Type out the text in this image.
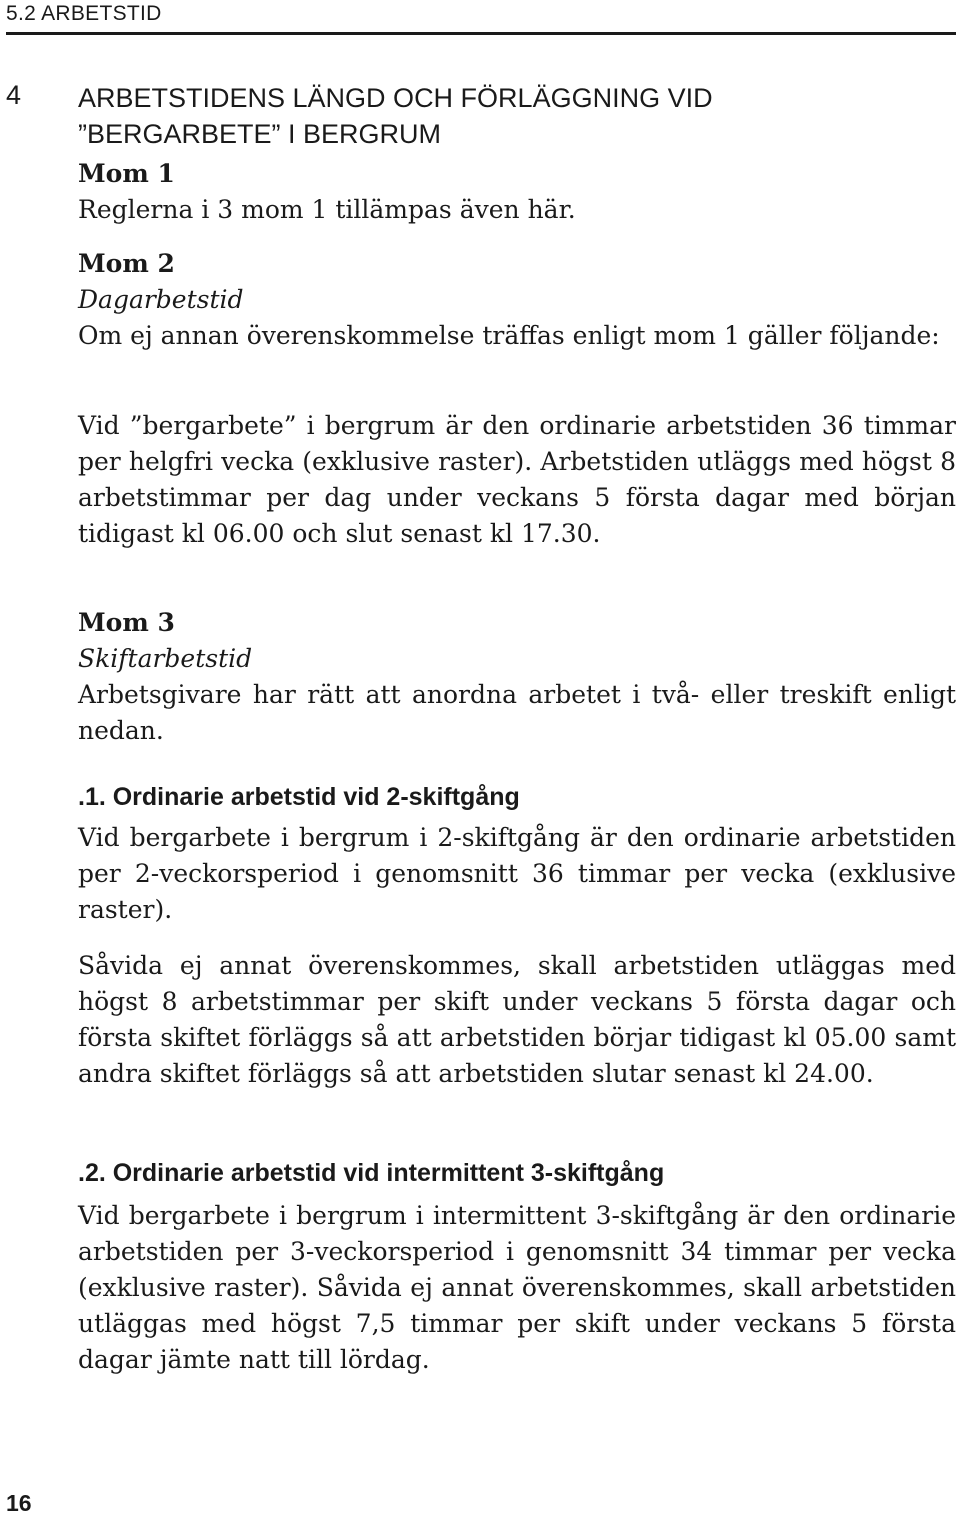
5.2 ARBETSTID
4 ARBETSTIDENS LÄNGD OCH FÖRLÄGGNING VID
”BERGARBETE” I BERGRUM
Mom 1
Reglerna i 3 mom 1 tillämpas även här.
Mom 2
Dagarbetstid
Om ej annan överenskommelse träffas enligt mom 1 gäller följande:
Vid ”bergarbete” i bergrum är den ordinarie arbetstiden 36 timmar per helgfri vecka (exklusive raster). Arbetstiden utläggs med högst 8 arbetstimmar per dag under veckans 5 första dagar med början tidigast kl 06.00 och slut senast kl 17.30.
Mom 3
Skiftarbetstid
Arbetsgivare har rätt att anordna arbetet i två- eller treskift enligt nedan.
.1. Ordinarie arbetstid vid 2-skiftgång
Vid bergarbete i bergrum i 2-skiftgång är den ordinarie arbetstiden per 2-veckorsperiod i genomsnitt 36 timmar per vecka (exklusive raster).
Såvida ej annat överenskommes, skall arbetstiden utläggas med högst 8 arbetstimmar per skift under veckans 5 första dagar och första skiftet förläggs så att arbetstiden börjar tidigast kl 05.00 samt andra skiftet förläggs så att arbetstiden slutar senast kl 24.00.
.2. Ordinarie arbetstid vid intermittent 3-skiftgång
Vid bergarbete i bergrum i intermittent 3-skiftgång är den ordinarie arbetstiden per 3-veckorsperiod i genomsnitt 34 timmar per vecka (exklusive raster). Såvida ej annat överenskommes, skall arbetstiden utläggas med högst 7,5 timmar per skift under veckans 5 första dagar jämte natt till lördag.
16
